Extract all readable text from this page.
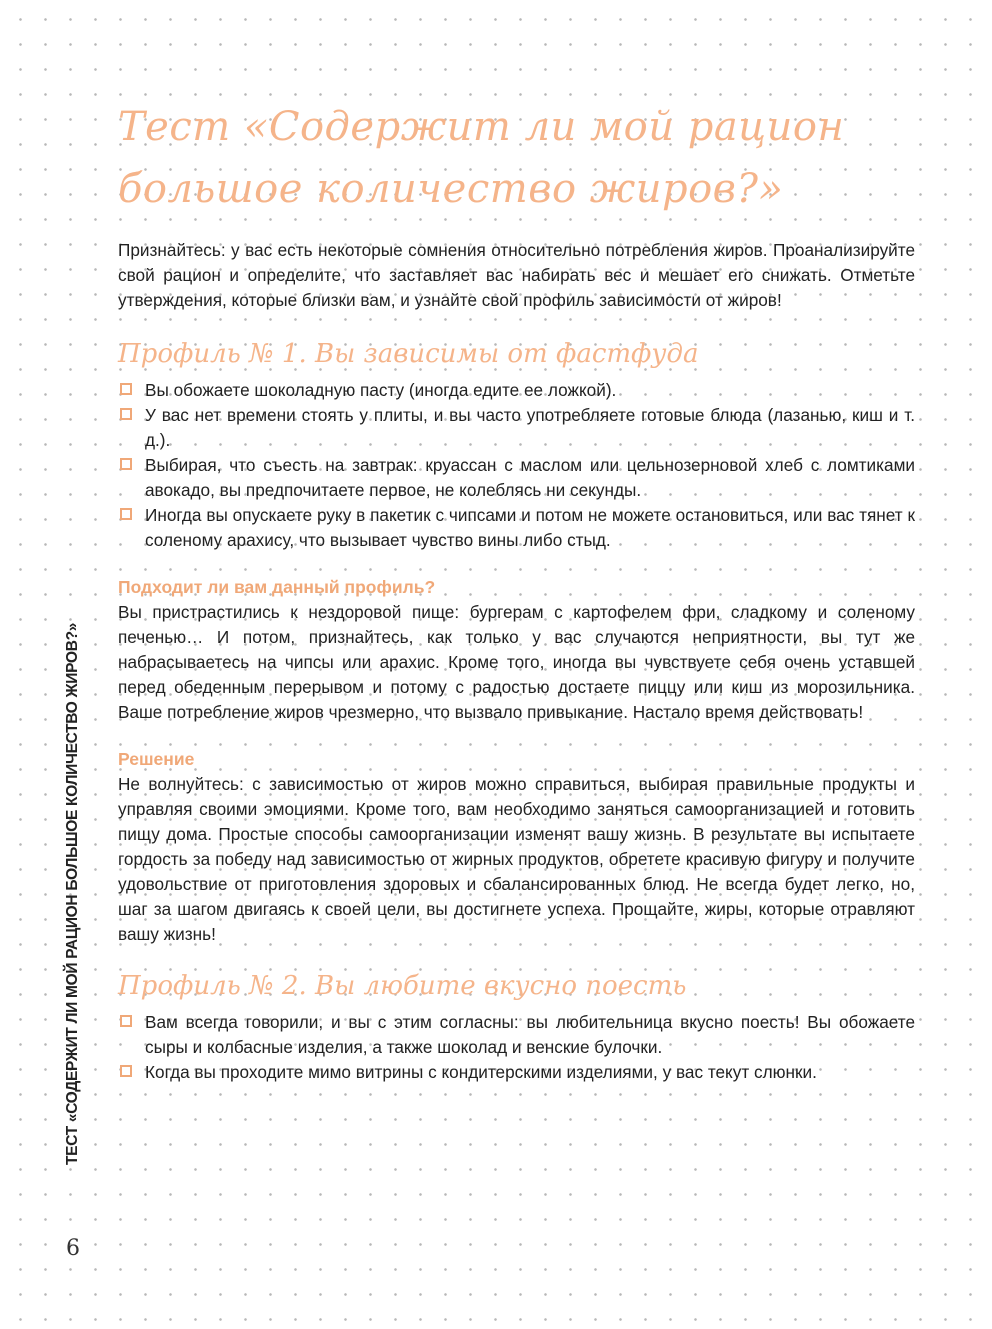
Тест «Содержит ли мой рацион большое количество жиров?»

Признайтесь: у вас есть некоторые сомнения относительно потребления жиров. Проанализируйте свой рацион и определите, что заставляет вас набирать вес и мешает его снижать. Отметьте утверждения, которые близки вам, и узнайте свой профиль зависимости от жиров!

Профиль № 1. Вы зависимы от фастфуда
Вы обожаете шоколадную пасту (иногда едите ее ложкой).
У вас нет времени стоять у плиты, и вы часто употребляете готовые блюда (лазанью, киш и т. д.).
Выбирая, что съесть на завтрак: круассан с маслом или цельнозерновой хлеб с ломтиками авокадо, вы предпочитаете первое, не колеблясь ни секунды.
Иногда вы опускаете руку в пакетик с чипсами и потом не можете остановиться, или вас тянет к соленому арахису, что вызывает чувство вины либо стыд.
Подходит ли вам данный профиль?

Вы пристрастились к нездоровой пище: бургерам с картофелем фри, сладкому и соленому печенью… И потом, признайтесь, как только у вас случаются неприятности, вы тут же набрасываетесь на чипсы или арахис. Кроме того, иногда вы чувствуете себя очень уставшей перед обеденным перерывом и потому с радостью достаете пиццу или киш из морозильника. Ваше потребление жиров чрезмерно, что вызвало привыкание. Настало время действовать!

Решение

Не волнуйтесь: с зависимостью от жиров можно справиться, выбирая правильные продукты и управляя своими эмоциями. Кроме того, вам необходимо заняться самоорганизацией и готовить пищу дома. Простые способы самоорганизации изменят вашу жизнь. В результате вы испытаете гордость за победу над зависимостью от жирных продуктов, обретете красивую фигуру и получите удовольствие от приготовления здоровых и сбалансированных блюд. Не всегда будет легко, но, шаг за шагом двигаясь к своей цели, вы достигнете успеха. Прощайте, жиры, которые отравляют вашу жизнь!

Профиль № 2. Вы любите вкусно поесть
Вам всегда говорили, и вы с этим согласны: вы любительница вкусно поесть! Вы обожаете сыры и колбасные изделия, а также шоколад и венские булочки.
Когда вы проходите мимо витрины с кондитерскими изделиями, у вас текут слюнки.
ТЕСТ «СОДЕРЖИТ ЛИ МОЙ РАЦИОН БОЛЬШОЕ КОЛИЧЕСТВО ЖИРОВ?»
6
